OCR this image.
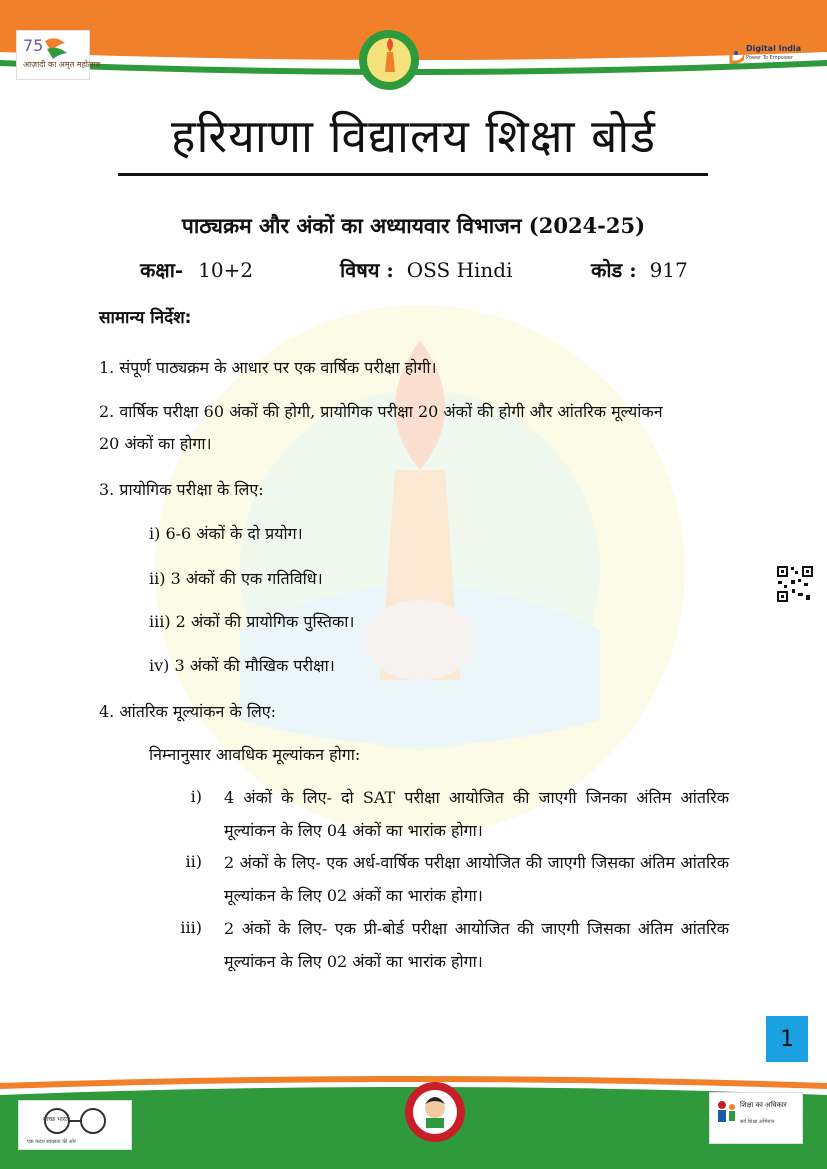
75
आज़ादी का अमृत महोत्सव
Digital India
Power To Empower
हरियाणा विद्यालय शिक्षा बोर्ड
पाठ्यक्रम और अंकों का अध्यायवार विभाजन (2024-25)
कक्षा- 10+2	विषय : OSS Hindi	कोड : 917
सामान्य निर्देश:
1. संपूर्ण पाठ्यक्रम के आधार पर एक वार्षिक परीक्षा होगी।
2. वार्षिक परीक्षा 60 अंकों की होगी, प्रायोगिक परीक्षा 20 अंकों की होगी और आंतरिक मूल्यांकन
20 अंकों का होगा।
3. प्रायोगिक परीक्षा के लिए:
i) 6-6 अंकों के दो प्रयोग।
ii) 3 अंकों की एक गतिविधि।
iii) 2 अंकों की प्रायोगिक पुस्तिका।
iv) 3 अंकों की मौखिक परीक्षा।
4. आंतरिक मूल्यांकन के लिए:
निम्नानुसार आवधिक मूल्यांकन होगा:
i) 4 अंकों के लिए- दो SAT परीक्षा आयोजित की जाएगी जिनका अंतिम आंतरिक मूल्यांकन के लिए 04 अंकों का भारांक होगा।
ii) 2 अंकों के लिए- एक अर्ध-वार्षिक परीक्षा आयोजित की जाएगी जिसका अंतिम आंतरिक मूल्यांकन के लिए 02 अंकों का भारांक होगा।
iii) 2 अंकों के लिए- एक प्री-बोर्ड परीक्षा आयोजित की जाएगी जिसका अंतिम आंतरिक मूल्यांकन के लिए 02 अंकों का भारांक होगा।
1
स्वच्छ भारत
एक कदम स्वच्छता की ओर
शिक्षा का अधिकार
सर्व शिक्षा अभियान
